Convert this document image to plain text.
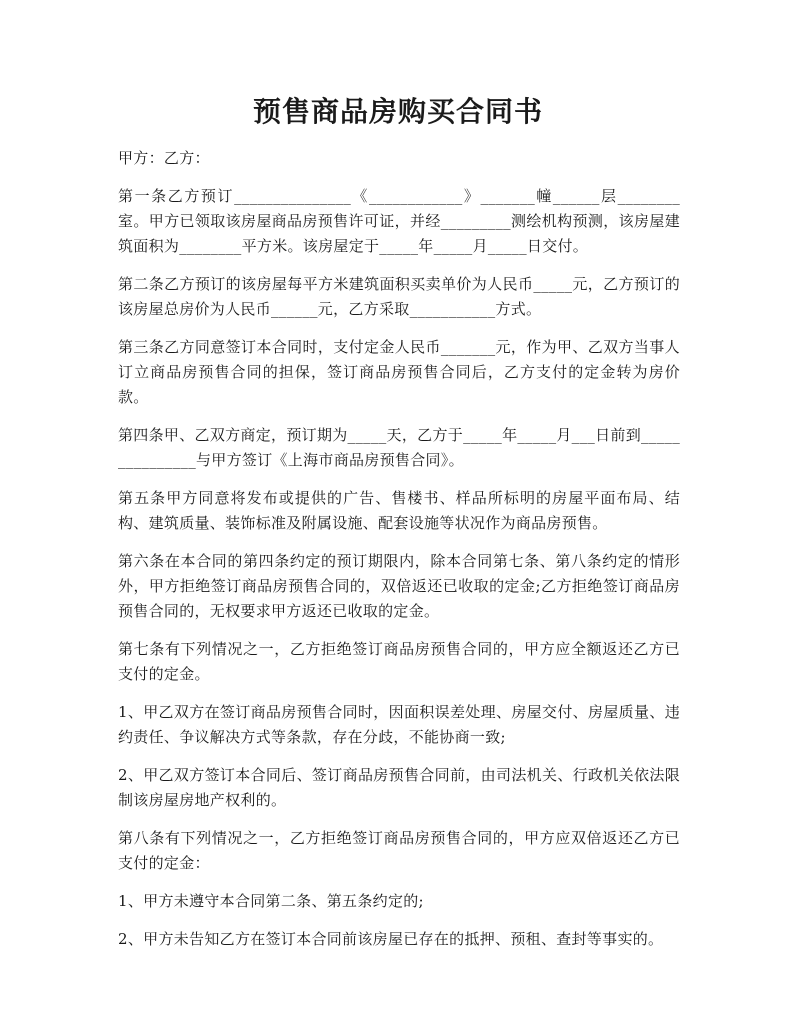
预售商品房购买合同书

甲方：乙方：

第一条乙方预订_______________《____________》_______幢______层________室。甲方已领取该房屋商品房预售许可证，并经_________测绘机构预测，该房屋建筑面积为________平方米。该房屋定于_____年_____月_____日交付。

第二条乙方预订的该房屋每平方米建筑面积买卖单价为人民币_____元，乙方预订的该房屋总房价为人民币______元，乙方采取___________方式。

第三条乙方同意签订本合同时，支付定金人民币_______元，作为甲、乙双方当事人订立商品房预售合同的担保，签订商品房预售合同后，乙方支付的定金转为房价款。

第四条甲、乙双方商定，预订期为_____天，乙方于_____年_____月___日前到_______________与甲方签订《上海市商品房预售合同》。

第五条甲方同意将发布或提供的广告、售楼书、样品所标明的房屋平面布局、结构、建筑质量、装饰标准及附属设施、配套设施等状况作为商品房预售。

第六条在本合同的第四条约定的预订期限内，除本合同第七条、第八条约定的情形外，甲方拒绝签订商品房预售合同的，双倍返还已收取的定金;乙方拒绝签订商品房预售合同的，无权要求甲方返还已收取的定金。

第七条有下列情况之一，乙方拒绝签订商品房预售合同的，甲方应全额返还乙方已支付的定金。

1、甲乙双方在签订商品房预售合同时，因面积误差处理、房屋交付、房屋质量、违约责任、争议解决方式等条款，存在分歧，不能协商一致;

2、甲乙双方签订本合同后、签订商品房预售合同前，由司法机关、行政机关依法限制该房屋房地产权利的。

第八条有下列情况之一，乙方拒绝签订商品房预售合同的，甲方应双倍返还乙方已支付的定金：

1、甲方未遵守本合同第二条、第五条约定的;

2、甲方未告知乙方在签订本合同前该房屋已存在的抵押、预租、查封等事实的。
